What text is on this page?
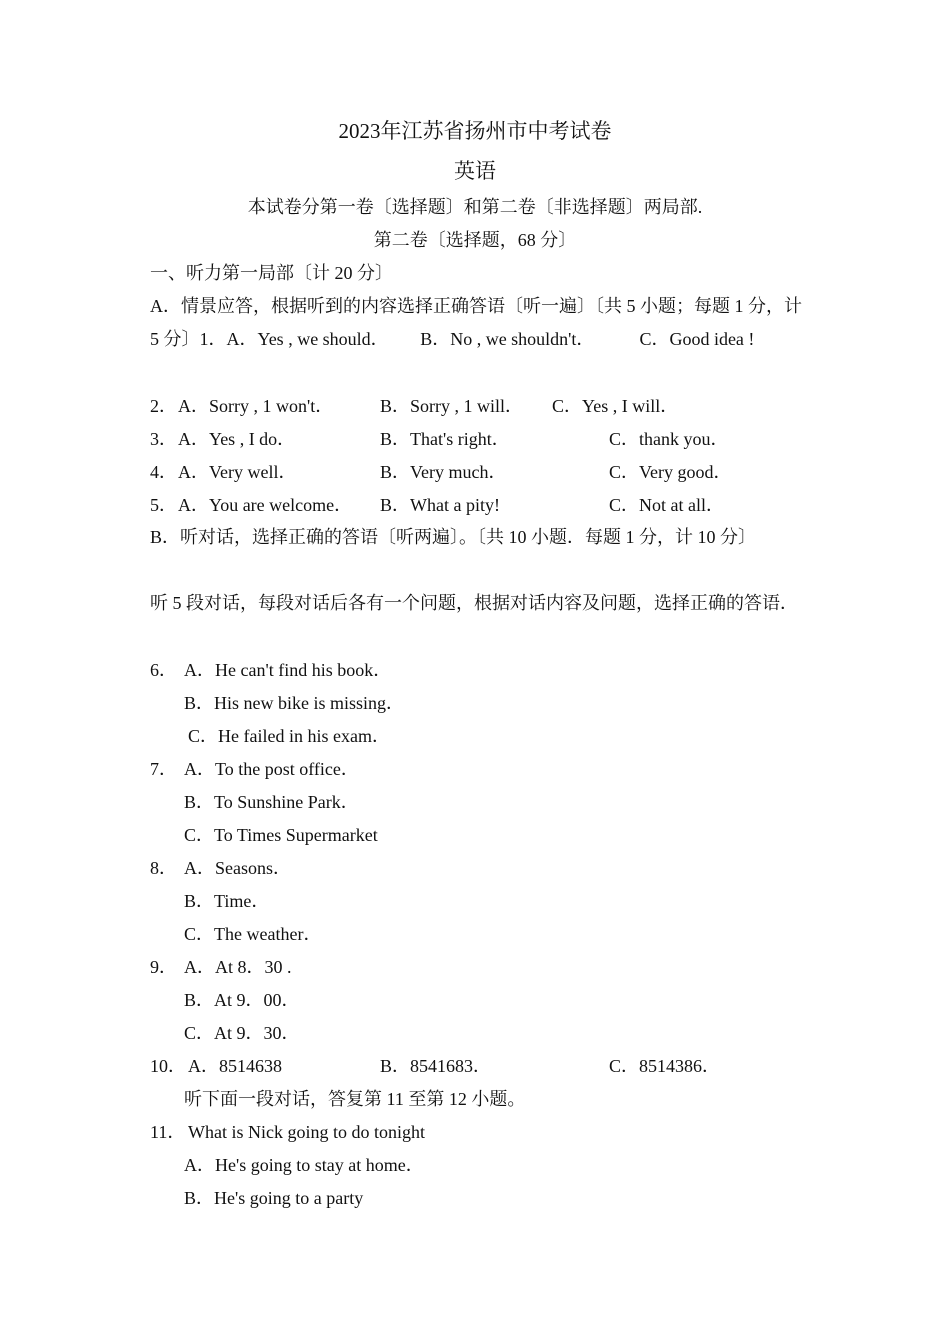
2023年江苏省扬州市中考试卷
英语
本试卷分第一卷〔选择题〕和第二卷〔非选择题〕两局部.
第二卷〔选择题，68 分〕
一、听力第一局部〔计 20 分〕
A．情景应答，根据听到的内容选择正确答语〔听一遍〕〔共 5 小题；每题 1 分，计 5 分〕1．A．Yes , we should． B．No , we shouldn't．	C．Good idea !
2． A．Sorry , 1 won't．	B．Sorry , 1 will． C．Yes , I will．
3． A．Yes , I do．	B．That's right．	C．thank you．
4． A．Very well．	B．Very much．	C．Very good．
5． A．You are welcome． B．What a pity!	C．Not at all．
B．听对话，选择正确的答语〔听两遍〕。〔共 10 小题．每题 1 分，计 10 分〕
听 5 段对话，每段对话后各有一个问题，根据对话内容及问题，选择正确的答语．
6． A．He can't find his book．
B．His new bike is missing．
C．He failed in his exam．
7． A．To the post office．
B．To Sunshine Park．
C．To Times Supermarket
8． A．Seasons．
B．Time．
C．The weather．
9． A．At 8．30 .
B．At 9．00．
C．At 9．30．
10． A．8514638	B．8541683．	C．8514386．
听下面一段对话，答复第 11 至第 12 小题。
11． What is Nick going to do tonight
A．He's going to stay at home．
B．He's going to a party
